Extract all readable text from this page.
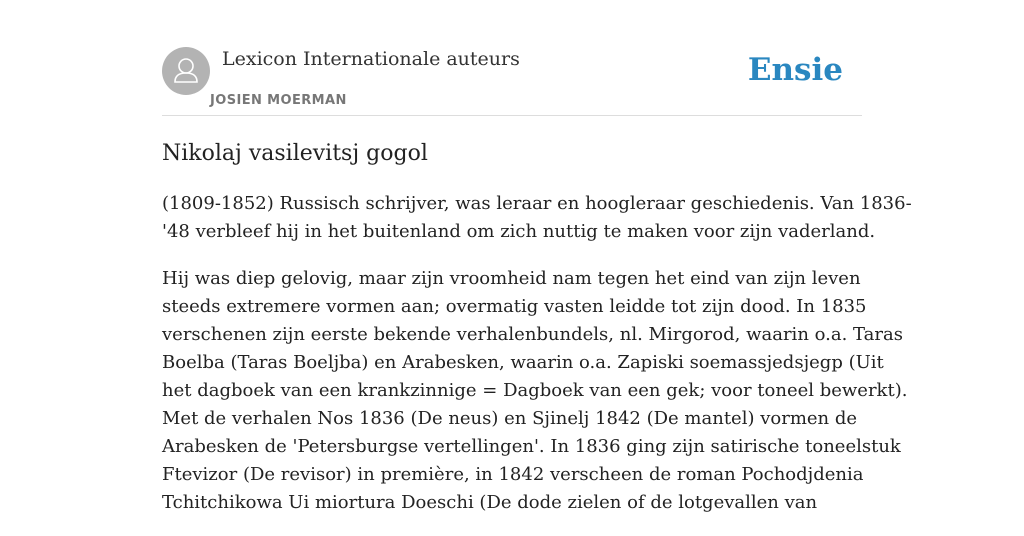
Lexicon Internationale auteurs
JOSIEN MOERMAN
Ensie
Nikolaj vasilevitsj gogol

(1809-1852) Russisch schrijver, was leraar en hoogleraar geschiedenis. Van 1836-
'48 verbleef hij in het buitenland om zich nuttig te maken voor zijn vaderland.

Hij was diep gelovig, maar zijn vroomheid nam tegen het eind van zijn leven
steeds extremere vormen aan; overmatig vasten leidde tot zijn dood. In 1835
verschenen zijn eerste bekende verhalenbundels, nl. Mirgorod, waarin o.a. Taras
Boelba (Taras Boeljba) en Arabesken, waarin o.a. Zapiski soemassjedsjegp (Uit
het dagboek van een krankzinnige = Dagboek van een gek; voor toneel bewerkt).
Met de verhalen Nos 1836 (De neus) en Sjinelj 1842 (De mantel) vormen de
Arabesken de 'Petersburgse vertellingen'. In 1836 ging zijn satirische toneelstuk
Ftevizor (De revisor) in première, in 1842 verscheen de roman Pochodjdenia
Tchitchikowa Ui miortura Doeschi (De dode zielen of de lotgevallen van
